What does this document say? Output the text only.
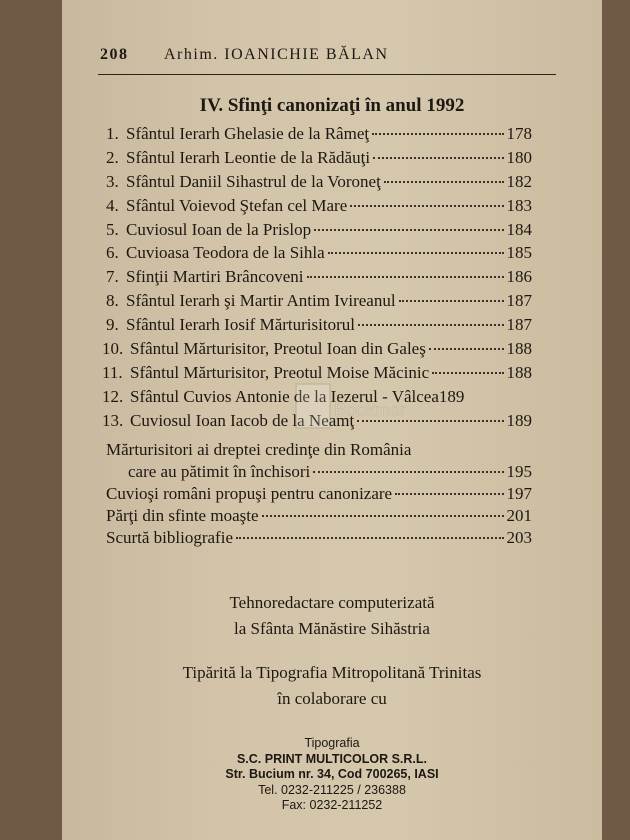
208 Arhim. IOANICHIE BĂLAN
IV. Sfinţi canonizaţi în anul 1992
1. Sfântul Ierarh Ghelasie de la Râmeţ	178
2. Sfântul Ierarh Leontie de la Rădăuţi	180
3. Sfântul Daniil Sihastrul de la Voroneţ	182
4. Sfântul Voievod Ştefan cel Mare	183
5. Cuviosul Ioan de la Prislop	184
6. Cuvioasa Teodora de la Sihla	185
7. Sfinţii Martiri Brâncoveni	186
8. Sfântul Ierarh şi Martir Antim Ivireanul	187
9. Sfântul Ierarh Iosif Mărturisitorul	187
10. Sfântul Mărturisitor, Preotul Ioan din Galeş	188
11. Sfântul Mărturisitor, Preotul Moise Măcinic	188
12. Sfântul Cuvios Antonie de la Iezerul - Vâlcea 189
13. Cuviosul Ioan Iacob de la Neamţ	189
Mărturisitori ai dreptei credinţe din România
care au pătimit în închisori	195
Cuvioşi români propuşi pentru canonizare	197
Părţi din sfinte moaşte	201
Scurtă bibliografie	203
Tehnoredactare computerizată
la Sfânta Mănăstire Sihăstria
Tipărită la Tipografia Mitropolitană Trinitas
în colaborare cu
Tipografia
S.C. PRINT MULTICOLOR S.R.L.
Str. Bucium nr. 34, Cod 700265, IASI
Tel. 0232-211225 / 236388
Fax: 0232-211252
Bookmer
